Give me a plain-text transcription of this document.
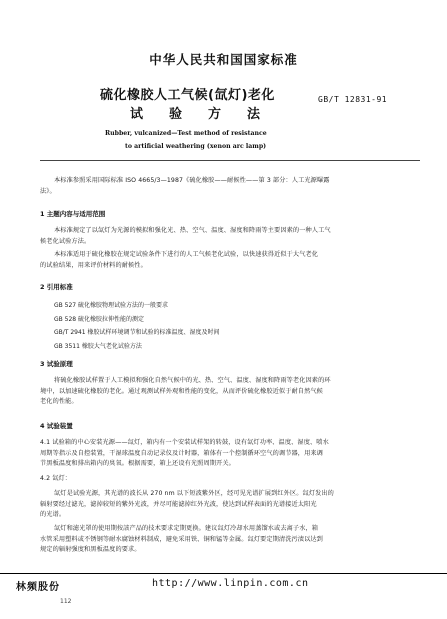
中华人民共和国国家标准
硫化橡胶人工气候(氙灯)老化
试验方法
GB/T 12831-91
Rubber, vulcanized—Test method of resistance
to artificial weathering (xenon arc lamp)
本标准参照采用国际标准 ISO 4665/3—1987《硫化橡胶——耐候性——第 3 部分：人工光源曝露
法》。
1 主题内容与适用范围
本标准规定了以氙灯为光源的模拟和强化光、热、空气、温度、湿度和降雨等主要因素的一种人工气
候老化试验方法。
本标准适用于硫化橡胶在规定试验条件下进行的人工气候老化试验，以快速获得近似于大气老化
的试验结果，用来评价材料的耐候性。
2 引用标准
GB 527 硫化橡胶物理试验方法的一般要求
GB 528 硫化橡胶拉伸性能的测定
GB/T 2941 橡胶试样环境调节和试验的标准温度、湿度及时间
GB 3511 橡胶大气老化试验方法
3 试验原理
将硫化橡胶试样置于人工模拟和强化自然气候中的光、热、空气、温度、湿度和降雨等老化因素的环
境中，以加速硫化橡胶的老化。通过观测试样外观和性能的变化，从而评价硫化橡胶近似于耐自然气候
老化的性能。
4 试验装置
4.1 试验箱的中心安装光源——氙灯，箱内有一个安装试样架的转鼓，设有氙灯功率、温度、湿度、喷水
周期等指示及自控装置，干湿球温度自动记录仪及计时器，箱体有一个控制循环空气的调节器，用来调
节黑板温度和排出箱内的臭氧。根据需要，箱上还设有光照周期开关。
4.2 氙灯：
氙灯是试验光源，其光谱的波长从 270 nm 以下短波紫外区，经可见光谱扩展到红外区。氙灯发出的
辐射要经过滤光，滤掉较短的紫外光波，并尽可能滤掉红外光波，使达到试样表面的光谱接近太阳光
的光谱。
氙灯和滤光罩的使用期按該产品的技术要求定期更换。建议氙灯冷却水用蒸馏水或去离子水，箱
水管采用塑料或不锈钢等耐水腐蚀材料制成，避免采用铁、铜和锰等金属。氙灯要定期清洗污渍以达到
规定的辐射强度和黑板温度的要求。
林频股份	http://www.linpin.com.cn
112
